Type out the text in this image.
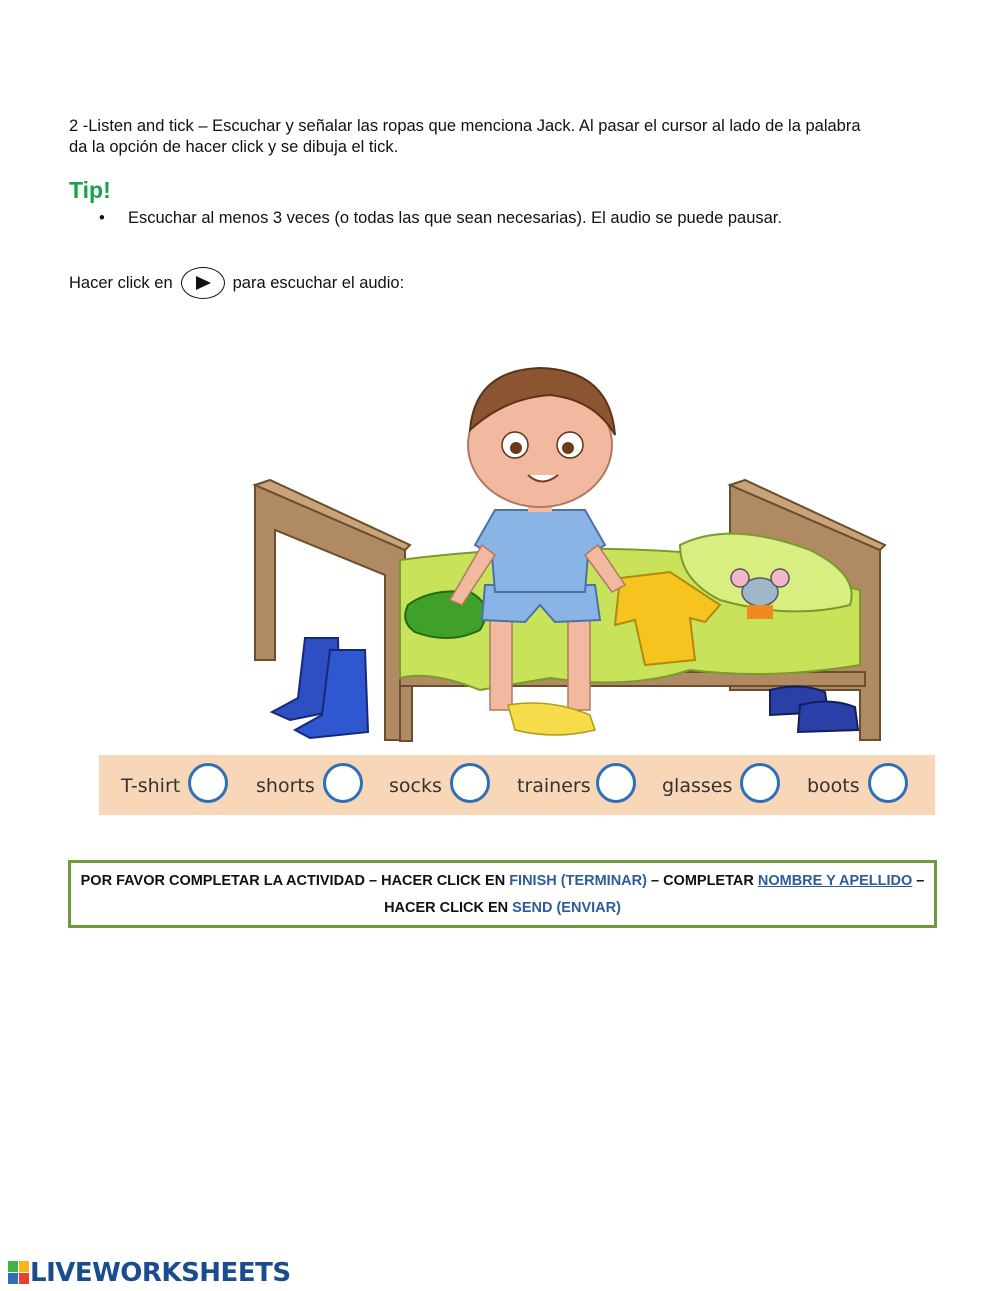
2 -Listen and tick – Escuchar y señalar las ropas que menciona Jack. Al pasar el cursor al lado de la palabra
da la opción de hacer click y se dibuja el tick.
Tip!
• Escuchar al menos 3 veces (o todas las que sean necesarias). El audio se puede pausar.
Hacer click en	para escuchar el audio:
T-shirt	shorts	socks	trainers	glasses	boots
POR FAVOR COMPLETAR LA ACTIVIDAD – HACER CLICK EN FINISH (TERMINAR) – COMPLETAR NOMBRE Y APELLIDO – HACER CLICK EN SEND (ENVIAR)
LIVEWORKSHEETS
